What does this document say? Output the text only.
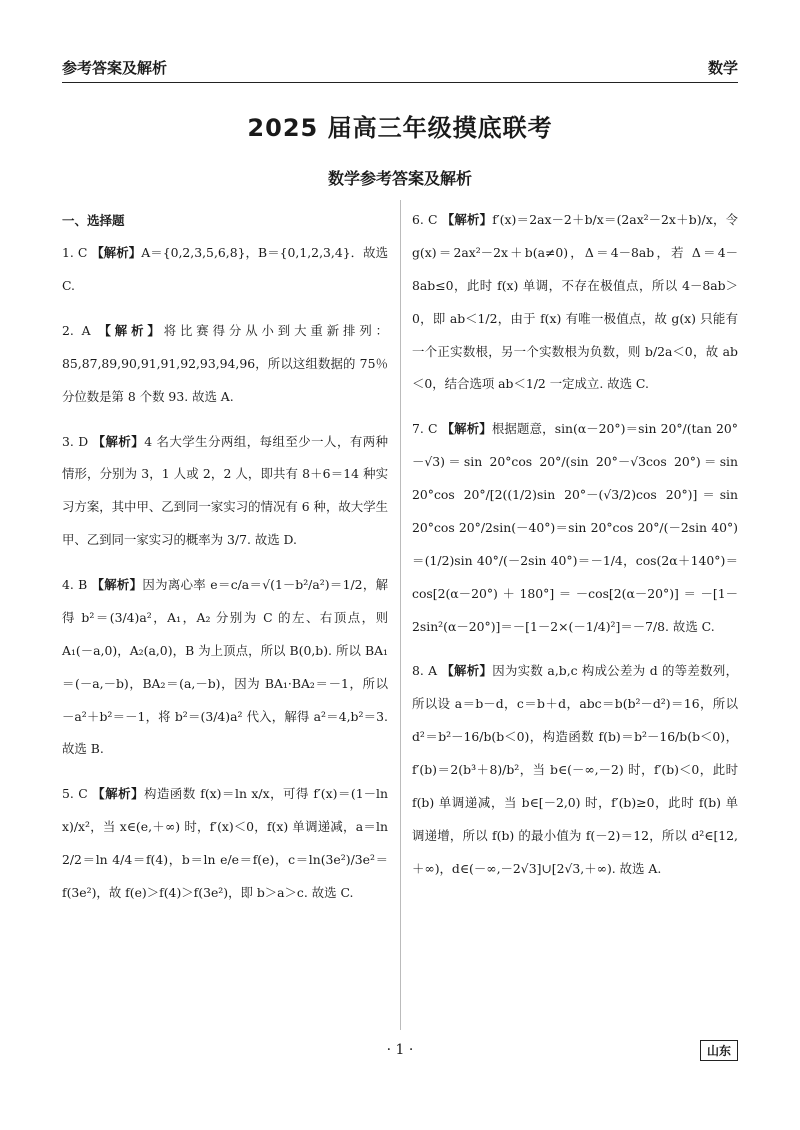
参考答案及解析	数学
2025 届高三年级摸底联考
数学参考答案及解析
一、选择题

1. C 【解析】A＝{0,2,3,5,6,8}，B＝{0,1,2,3,4}．故选 C.

2. A 【解析】将比赛得分从小到大重新排列：85,87,89,90,91,91,92,93,94,96，所以这组数据的 75％分位数是第 8 个数 93. 故选 A.

3. D 【解析】4 名大学生分两组，每组至少一人，有两种情形，分别为 3，1 人或 2，2 人，即共有 8＋6＝14 种实习方案，其中甲、乙到同一家实习的情况有 6 种，故大学生甲、乙到同一家实习的概率为 3/7. 故选 D.

4. B 【解析】因为离心率 e＝c/a＝√(1－b²/a²)＝1/2，解得 b²＝(3/4)a²，A₁，A₂ 分别为 C 的左、右顶点，则 A₁(－a,0)，A₂(a,0)，B 为上顶点，所以 B(0,b). 所以 BA₁＝(－a,－b)，BA₂＝(a,－b)，因为 BA₁·BA₂＝－1，所以－a²＋b²＝－1，将 b²＝(3/4)a² 代入，解得 a²＝4,b²＝3. 故选 B.

5. C 【解析】构造函数 f(x)＝ln x/x，可得 f′(x)＝(1－ln x)/x²，当 x∈(e,＋∞) 时，f′(x)＜0，f(x) 单调递减，a＝ln 2/2＝ln 4/4＝f(4)，b＝ln e/e＝f(e)，c＝ln(3e²)/3e²＝f(3e²)，故 f(e)＞f(4)＞f(3e²)，即 b＞a＞c. 故选 C.

6. C 【解析】f′(x)＝2ax－2＋b/x＝(2ax²－2x＋b)/x，令 g(x)＝2ax²－2x＋b(a≠0)，Δ＝4－8ab，若 Δ＝4－8ab≤0，此时 f(x) 单调，不存在极值点，所以 4－8ab＞0，即 ab＜1/2，由于 f(x) 有唯一极值点，故 g(x) 只能有一个正实数根，另一个实数根为负数，则 b/2a＜0，故 ab＜0，结合选项 ab＜1/2 一定成立. 故选 C.

7. C 【解析】根据题意，sin(α－20°)＝sin 20°/(tan 20°－√3)＝sin 20°cos 20°/(sin 20°－√3cos 20°)＝sin 20°cos 20°/[2((1/2)sin 20°－(√3/2)cos 20°)]＝sin 20°cos 20°/2sin(－40°)＝sin 20°cos 20°/(－2sin 40°)＝(1/2)sin 40°/(－2sin 40°)＝－1/4，cos(2α＋140°)＝cos[2(α－20°)＋180°]＝－cos[2(α－20°)]＝－[1－2sin²(α－20°)]＝－[1－2×(－1/4)²]＝－7/8. 故选 C.

8. A 【解析】因为实数 a,b,c 构成公差为 d 的等差数列，所以设 a＝b－d，c＝b＋d，abc＝b(b²－d²)＝16，所以 d²＝b²－16/b(b＜0)，构造函数 f(b)＝b²－16/b(b＜0)，f′(b)＝2(b³＋8)/b²，当 b∈(－∞,－2) 时，f′(b)＜0，此时 f(b) 单调递减，当 b∈[－2,0) 时，f′(b)≥0，此时 f(b) 单调递增，所以 f(b) 的最小值为 f(－2)＝12，所以 d²∈[12,＋∞)，d∈(－∞,－2√3]∪[2√3,＋∞). 故选 A.

· 1 ·	山东
